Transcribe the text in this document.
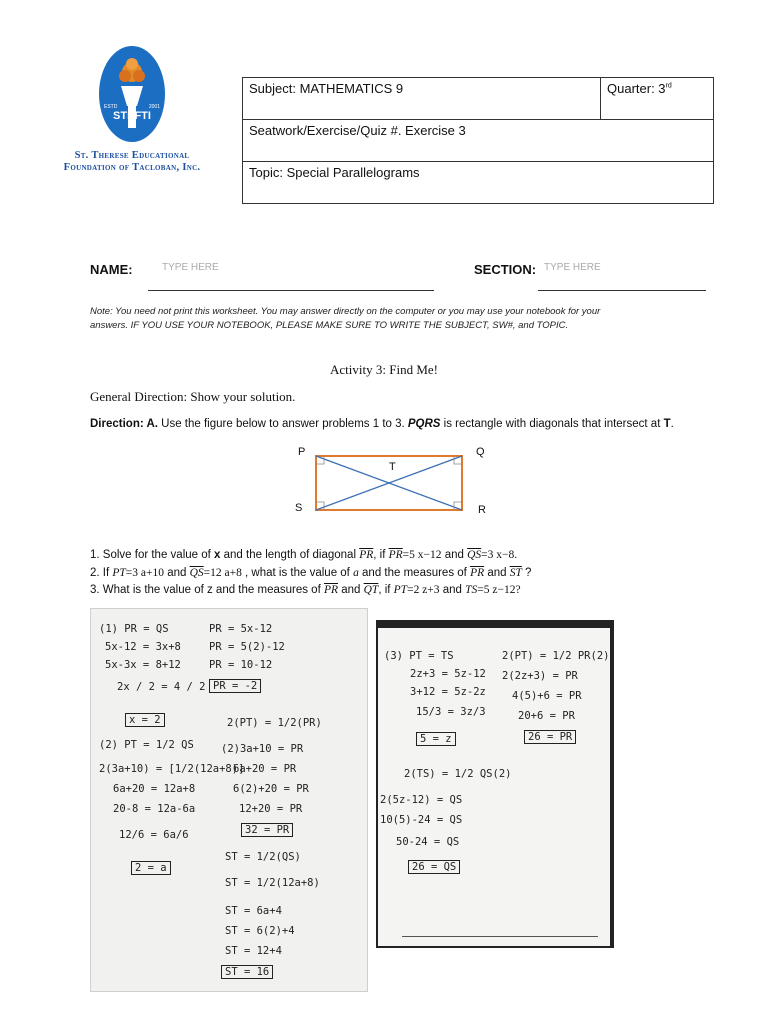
ESTD	2001
STEFTI
St. Therese Educational
Foundation of Tacloban, Inc.
Subject: MATHEMATICS 9	Quarter: 3rd
Seatwork/Exercise/Quiz #. Exercise 3
Topic: Special Parallelograms
NAME:	TYPE HERE	SECTION: TYPE HERE
Note: You need not print this worksheet. You may answer directly on the computer or you may use your notebook for your
answers. IF YOU USE YOUR NOTEBOOK, PLEASE MAKE SURE TO WRITE THE SUBJECT, SW#, and TOPIC.
Activity 3: Find Me!
General Direction: Show your solution.
Direction: A. Use the figure below to answer problems 1 to 3. PQRS is rectangle with diagonals that intersect at T.
P	Q
R
S
T
1. Solve for the value of x and the length of diagonal $\overline{PR}$, if $\overline{PR}=5$ x−12 and $\overline{QS}=3$ x−8.
2. If PT=3 a+10 and $\overline{QS}=12$ a+8 , what is the value of a and the measures of $\overline{PR}$ and $\overline{ST}$ ?
3. What is the value of z and the measures of $\overline{PR}$ and $\overline{QT}$, if PT=2 z+3 and TS=5 z−12?
(1) PR = QS
5x-12 = 3x+8
5x-3x = 8+12
2x / 2 = 4 / 2
x = 2
PR = 5x-12
PR = 5(2)-12
PR = 10-12
PR = -2
(2) PT = 1/2 QS
2(3a+10) = [1/2(12a+8)]
6a+20 = 12a+8
20-8 = 12a-6a
12/6 = 6a/6
2 = a
2(PT) = 1/2(PR)
(2)3a+10 = PR
6a+20 = PR
6(2)+20 = PR
12+20 = PR
32 = PR
ST = 1/2(QS)
ST = 1/2(12a+8)
ST = 6a+4
ST = 6(2)+4
ST = 12+4
ST = 16
(3) PT = TS
2z+3 = 5z-12
3+12 = 5z-2z
15/3 = 3z/3
5 = z
2(PT) = 1/2 PR(2)
2(2z+3) = PR
4(5)+6 = PR
20+6 = PR
26 = PR
2(TS) = 1/2 QS(2)
2(5z-12) = QS
10(5)-24 = QS
50-24 = QS
26 = QS
